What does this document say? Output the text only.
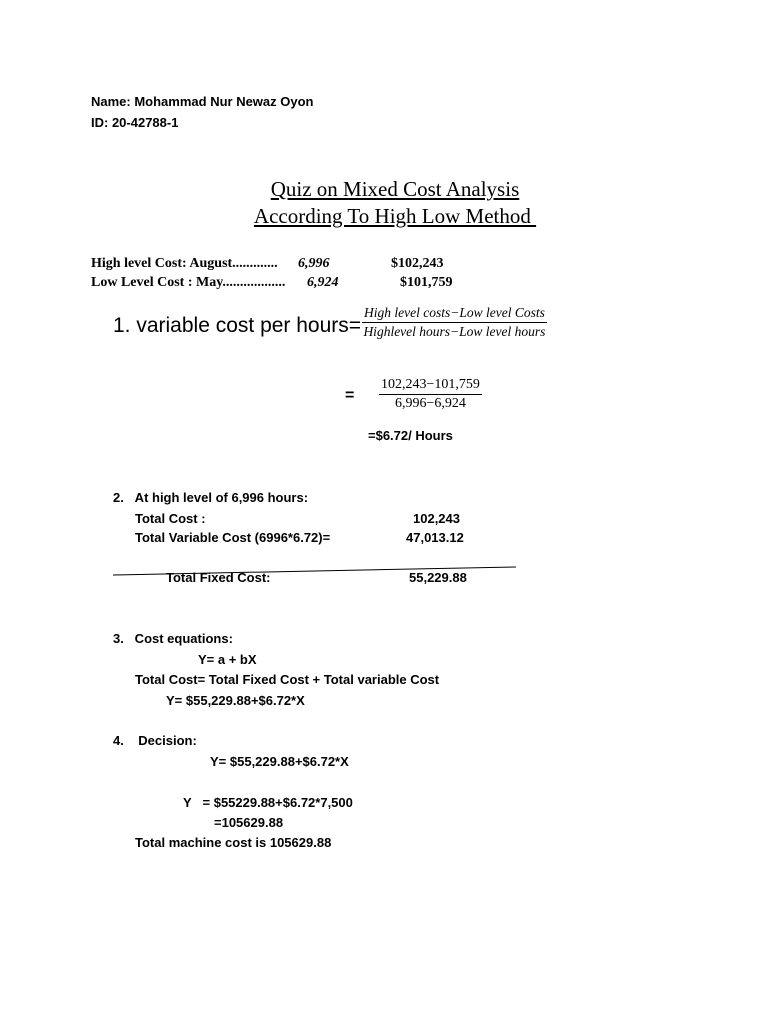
Name: Mohammad Nur Newaz Oyon
ID: 20-42788-1
Quiz on Mixed Cost Analysis
According To High Low Method
High level Cost: August............. 6,996	$102,243
Low Level Cost : May.................. 6,924	$101,759
1. variable cost per hours=
High level costs−Low level Costs
Highlevel hours−Low level hours
= $\frac{102,243-101,759}{6,996-6,924}$
=$6.72/ Hours
2.   At high level of 6,996 hours:
Total Cost :	102,243
Total Variable Cost (6996*6.72)=	47,013.12
Total Fixed Cost:	55,229.88
3.   Cost equations:
Y= a + bX
Total Cost= Total Fixed Cost + Total variable Cost
Y= $55,229.88+$6.72*X
4.    Decision:
Y= $55,229.88+$6.72*X
Y   = $55229.88+$6.72*7,500
=105629.88
Total machine cost is 105629.88
